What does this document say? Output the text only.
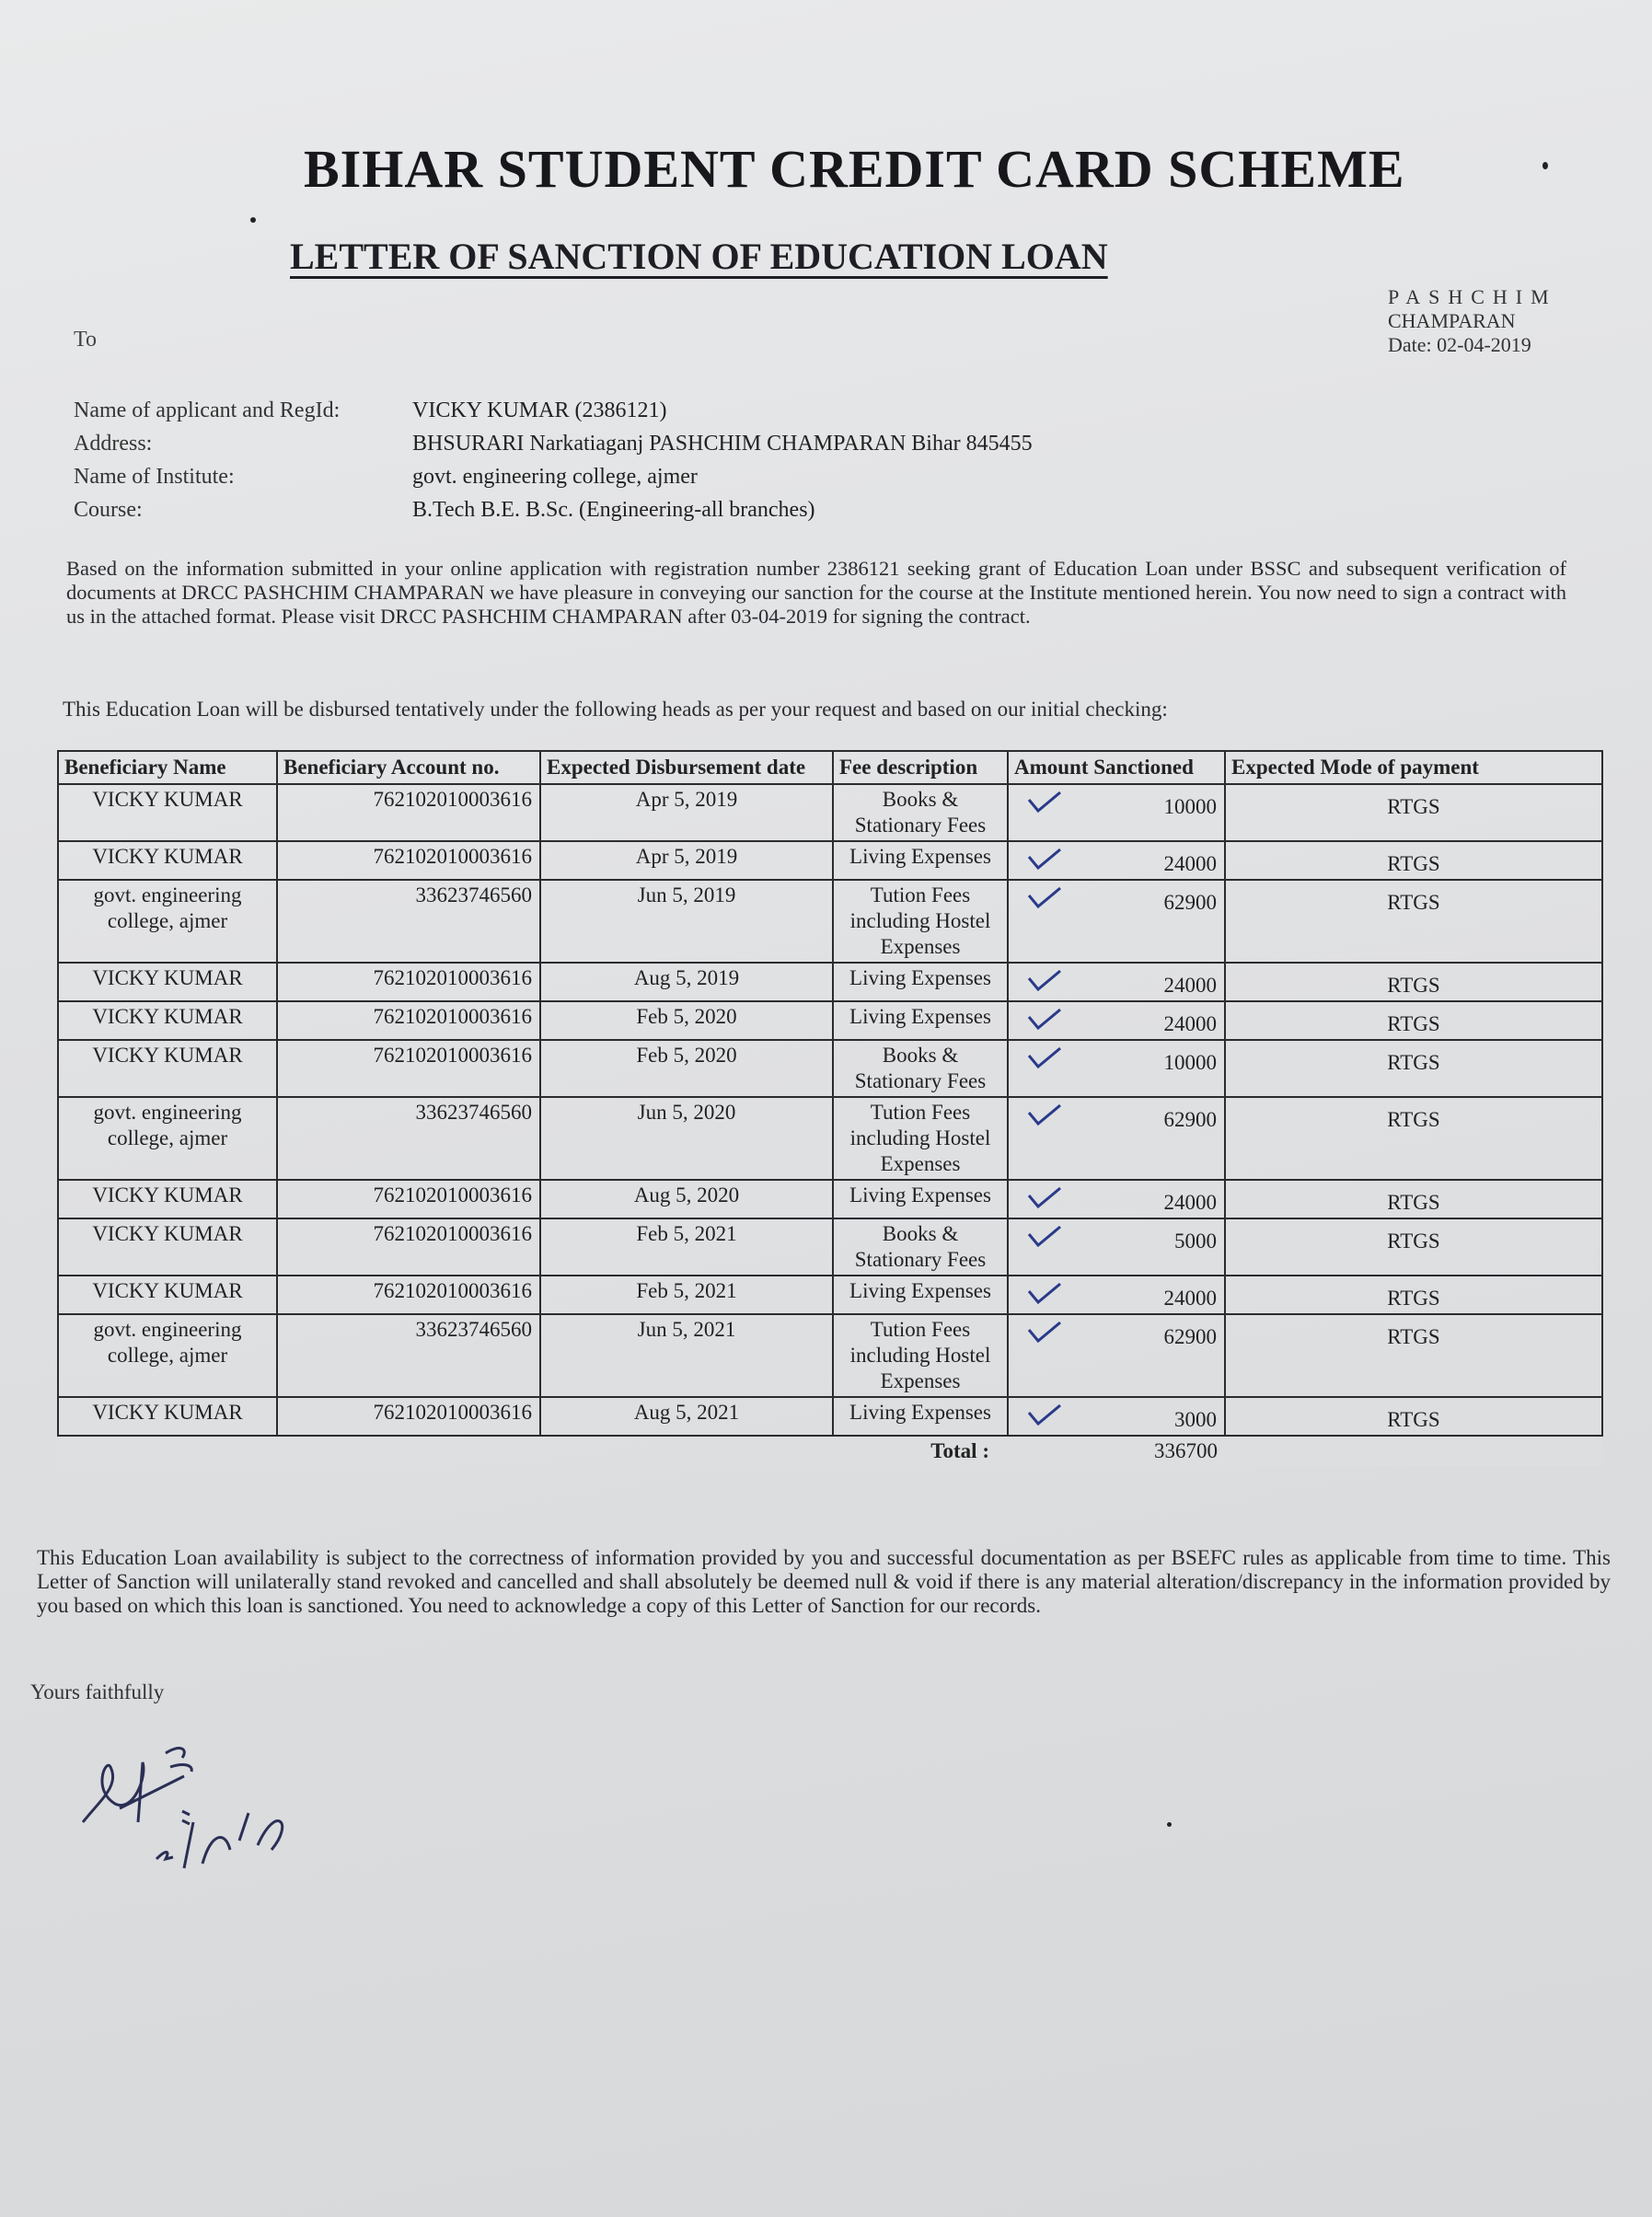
BIHAR STUDENT CREDIT CARD SCHEME
LETTER OF SANCTION OF EDUCATION LOAN
PASHCHIM
CHAMPARAN
Date: 02-04-2019
To
Name of applicant and RegId:	VICKY KUMAR (2386121)
Address:	BHSURARI Narkatiaganj PASHCHIM CHAMPARAN Bihar 845455
Name of Institute:	govt. engineering college, ajmer
Course:	B.Tech B.E. B.Sc. (Engineering-all branches)
Based on the information submitted in your online application with registration number 2386121 seeking grant of Education Loan under BSSC and subsequent verification of documents at DRCC PASHCHIM CHAMPARAN we have pleasure in conveying our sanction for the course at the Institute mentioned herein. You now need to sign a contract with us in the attached format. Please visit DRCC PASHCHIM CHAMPARAN after 03-04-2019 for signing the contract.
This Education Loan will be disbursed tentatively under the following heads as per your request and based on our initial checking:
Beneficiary Name	Beneficiary Account no.	Expected Disbursement date	Fee description	Amount Sanctioned	Expected Mode of payment
VICKY KUMAR	762102010003616	Apr 5, 2019	Books & Stationary Fees	10000	RTGS
VICKY KUMAR	762102010003616	Apr 5, 2019	Living Expenses	24000	RTGS
govt. engineering college, ajmer	33623746560	Jun 5, 2019	Tution Fees including Hostel Expenses	62900	RTGS
VICKY KUMAR	762102010003616	Aug 5, 2019	Living Expenses	24000	RTGS
VICKY KUMAR	762102010003616	Feb 5, 2020	Living Expenses	24000	RTGS
VICKY KUMAR	762102010003616	Feb 5, 2020	Books & Stationary Fees	10000	RTGS
govt. engineering college, ajmer	33623746560	Jun 5, 2020	Tution Fees including Hostel Expenses	62900	RTGS
VICKY KUMAR	762102010003616	Aug 5, 2020	Living Expenses	24000	RTGS
VICKY KUMAR	762102010003616	Feb 5, 2021	Books & Stationary Fees	5000	RTGS
VICKY KUMAR	762102010003616	Feb 5, 2021	Living Expenses	24000	RTGS
govt. engineering college, ajmer	33623746560	Jun 5, 2021	Tution Fees including Hostel Expenses	62900	RTGS
VICKY KUMAR	762102010003616	Aug 5, 2021	Living Expenses	3000	RTGS
Total :				336700	
This Education Loan availability is subject to the correctness of information provided by you and successful documentation as per BSEFC rules as applicable from time to time. This Letter of Sanction will unilaterally stand revoked and cancelled and shall absolutely be deemed null & void if there is any material alteration/discrepancy in the information provided by you based on which this loan is sanctioned. You need to acknowledge a copy of this Letter of Sanction for our records.
Yours faithfully
